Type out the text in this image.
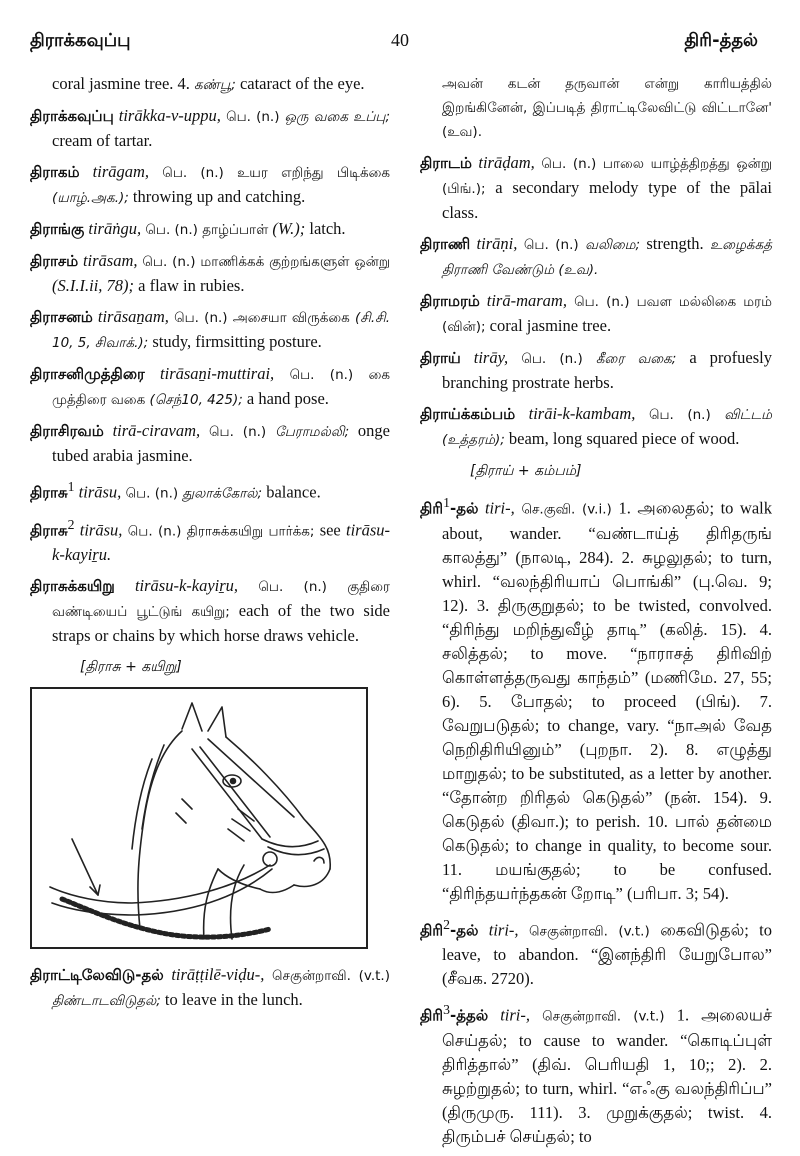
40
திராக்கவுப்பு	திரி-த்தல்

coral jasmine tree. 4. கண்பூ; cataract of the eye.

திராக்கவுப்பு tirākka-v-uppu, பெ. (n.) ஒரு வகை உப்பு; cream of tartar.

திராகம் tirāgam, பெ. (n.) உயர எறிந்து பிடிக்கை (யாழ்.அக.); throwing up and catching.

திராங்கு tirāṅgu, பெ. (n.) தாழ்ப்பாள் (W.); latch.

திராசம் tirāsam, பெ. (n.) மாணிக்கக் குற்றங்களுள் ஒன்று (S.I.I.ii, 78); a flaw in rubies.

திராசனம் tirāsaṉam, பெ. (n.) அசையா விருக்கை (சி.சி. 10, 5, சிவாக்.); study, firmsitting posture.

திராசனிமுத்திரை tirāsaṉi-muttirai, பெ. (n.) கை முத்திரை வகை (செந்10, 425); a hand pose.

திராசிரவம் tirā-ciravam, பெ. (n.) பேராமல்லி; onge tubed arabia jasmine.

திராசு$^1$ tirāsu, பெ. (n.) துலாக்கோல்; balance.

திராசு$^2$ tirāsu, பெ. (n.) திராசுக்கயிறு பார்க்க; see tirāsu-k-kayiṟu.

திராசுக்கயிறு tirāsu-k-kayiṟu, பெ. (n.) குதிரை வண்டியைப் பூட்டுங் கயிறு; each of the two side straps or chains by which horse draws vehicle.

[திராசு + கயிறு]

திராட்டிலேவிடு-தல் tirāṭṭilē-viḍu-, செகுன்றாவி. (v.t.) திண்டாடவிடுதல்; to leave in the lunch.

அவன் கடன் தருவான் என்று காரியத்தில் இறங்கினேன், இப்படித் திராட்டிலேவிட்டு விட்டானே' (உவ).

திராடம் tirāḍam, பெ. (n.) பாலை யாழ்த்திறத்து ஒன்று (பிங்.); a secondary melody type of the pālai class.

திராணி tirāṇi, பெ. (n.) வலிமை; strength. உழைக்கத் திராணி வேண்டும் (உவ).

திராமரம் tirā-maram, பெ. (n.) பவள மல்லிகை மரம் (வின்); coral jasmine tree.

திராய் tirāy, பெ. (n.) கீரை வகை; a profuesly branching prostrate herbs.

திராய்க்கம்பம் tirāi-k-kambam, பெ. (n.) விட்டம் (உத்தரம்); beam, long squared piece of wood.

[திராய் + கம்பம்]

திரி$^1$-தல் tiri-, செ.குவி. (v.i.) 1. அலைதல்; to walk about, wander. “வண்டாய்த் திரிதருங் காலத்து” (நாலடி, 284). 2. சுழலுதல்; to turn, whirl. “வலந்திரியாப் பொங்கி” (பு.வெ. 9; 12). 3. திருகுறுதல்; to be twisted, convolved. “திரிந்து மறிந்துவீழ் தாடி” (கலித். 15). 4. சலித்தல்; to move. “நாராசத் திரிவிற் கொள்ளத்தருவது காந்தம்” (மணிமே. 27, 55; 6). 5. போதல்; to proceed (பிங்). 7. வேறுபடுதல்; to change, vary. “நாஅல் வேத நெறிதிரியினும்” (புறநா. 2). 8. எழுத்து மாறுதல்; to be substituted, as a letter by another. “தோன்ற றிரிதல் கெடுதல்” (நன். 154). 9. கெடுதல் (திவா.); to perish. 10. பால் தன்மை கெடுதல்; to change in quality, to become sour. 11. மயங்குதல்; to be confused. “திரிந்தயர்ந்தகன் றோடி” (பரிபா. 3; 54).

திரி$^2$-தல் tiri-, செகுன்றாவி. (v.t.) கைவிடுதல்; to leave, to abandon. “இனந்திரி யேறுபோல” (சீவக. 2720).

திரி$^3$-த்தல் tiri-, செகுன்றாவி. (v.t.) 1. அலையச் செய்தல்; to cause to wander. “கொடிப்புள் திரித்தால்” (திவ். பெரியதி 1, 10;; 2). 2. சுழற்றுதல்; to turn, whirl. “எஃகு வலந்திரிப்ப” (திருமுரு. 111). 3. முறுக்குதல்; twist. 4. திரும்பச் செய்தல்; to
